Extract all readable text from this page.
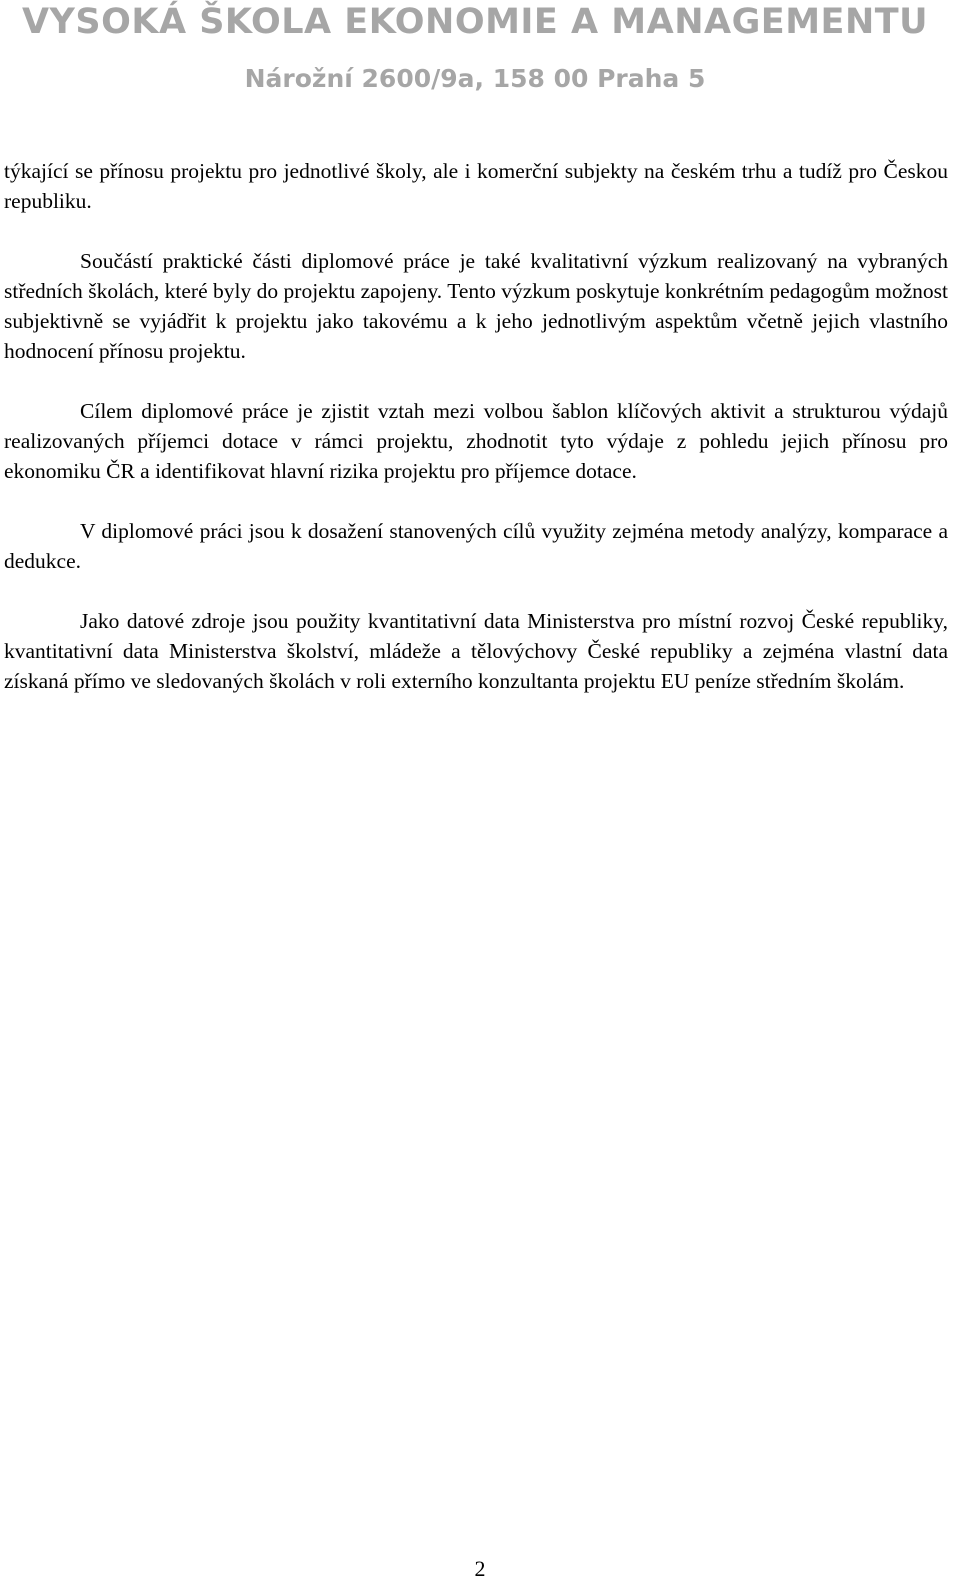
VYSOKÁ ŠKOLA EKONOMIE A MANAGEMENTU
Nárožní 2600/9a, 158 00 Praha 5

týkající se přínosu projektu pro jednotlivé školy, ale i komerční subjekty na českém trhu a tudíž pro Českou republiku.

Součástí praktické části diplomové práce je také kvalitativní výzkum realizovaný na vybraných středních školách, které byly do projektu zapojeny. Tento výzkum poskytuje konkrétním pedagogům možnost subjektivně se vyjádřit k projektu jako takovému a k jeho jednotlivým aspektům včetně jejich vlastního hodnocení přínosu projektu.

Cílem diplomové práce je zjistit vztah mezi volbou šablon klíčových aktivit a strukturou výdajů realizovaných příjemci dotace v rámci projektu, zhodnotit tyto výdaje z pohledu jejich přínosu pro ekonomiku ČR a identifikovat hlavní rizika projektu pro příjemce dotace.

V diplomové práci jsou k dosažení stanovených cílů využity zejména metody analýzy, komparace a dedukce.

Jako datové zdroje jsou použity kvantitativní data Ministerstva pro místní rozvoj České republiky, kvantitativní data Ministerstva školství, mládeže a tělovýchovy České republiky a zejména vlastní data získaná přímo ve sledovaných školách v roli externího konzultanta projektu EU peníze středním školám.

2
